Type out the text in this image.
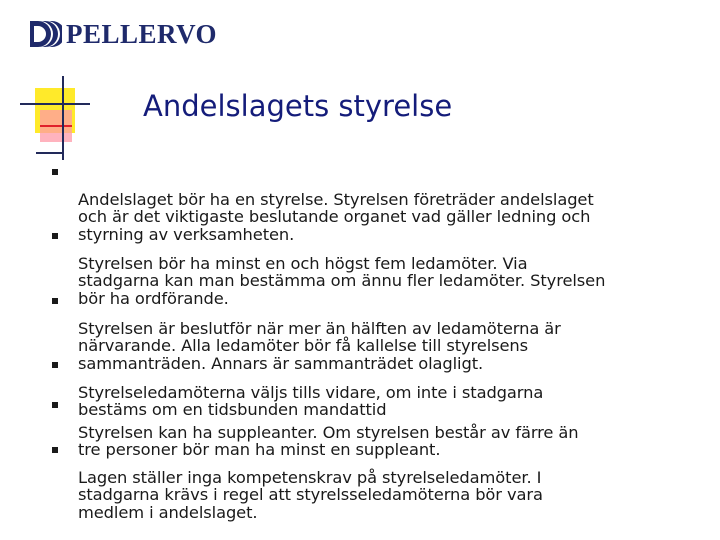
PELLERVO
Andelslagets styrelse

Andelslaget bör ha en styrelse. Styrelsen företräder andelslaget
och är det viktigaste beslutande organet vad gäller ledning och
styrning av verksamheten.

Styrelsen bör ha minst en och högst fem ledamöter. Via
stadgarna kan man bestämma om ännu fler ledamöter. Styrelsen
bör ha ordförande.

Styrelsen är beslutför när mer än hälften av ledamöterna är
närvarande. Alla ledamöter bör få kallelse till styrelsens
sammanträden. Annars är sammanträdet olagligt.

Styrelseledamöterna väljs tills vidare, om inte i stadgarna
bestäms om en tidsbunden mandattid

Styrelsen kan ha suppleanter. Om styrelsen består av färre än
tre personer bör man ha minst en suppleant.

Lagen ställer inga kompetenskrav på styrelseledamöter. I
stadgarna krävs i regel att styrelsseledamöterna bör vara
medlem i andelslaget.
